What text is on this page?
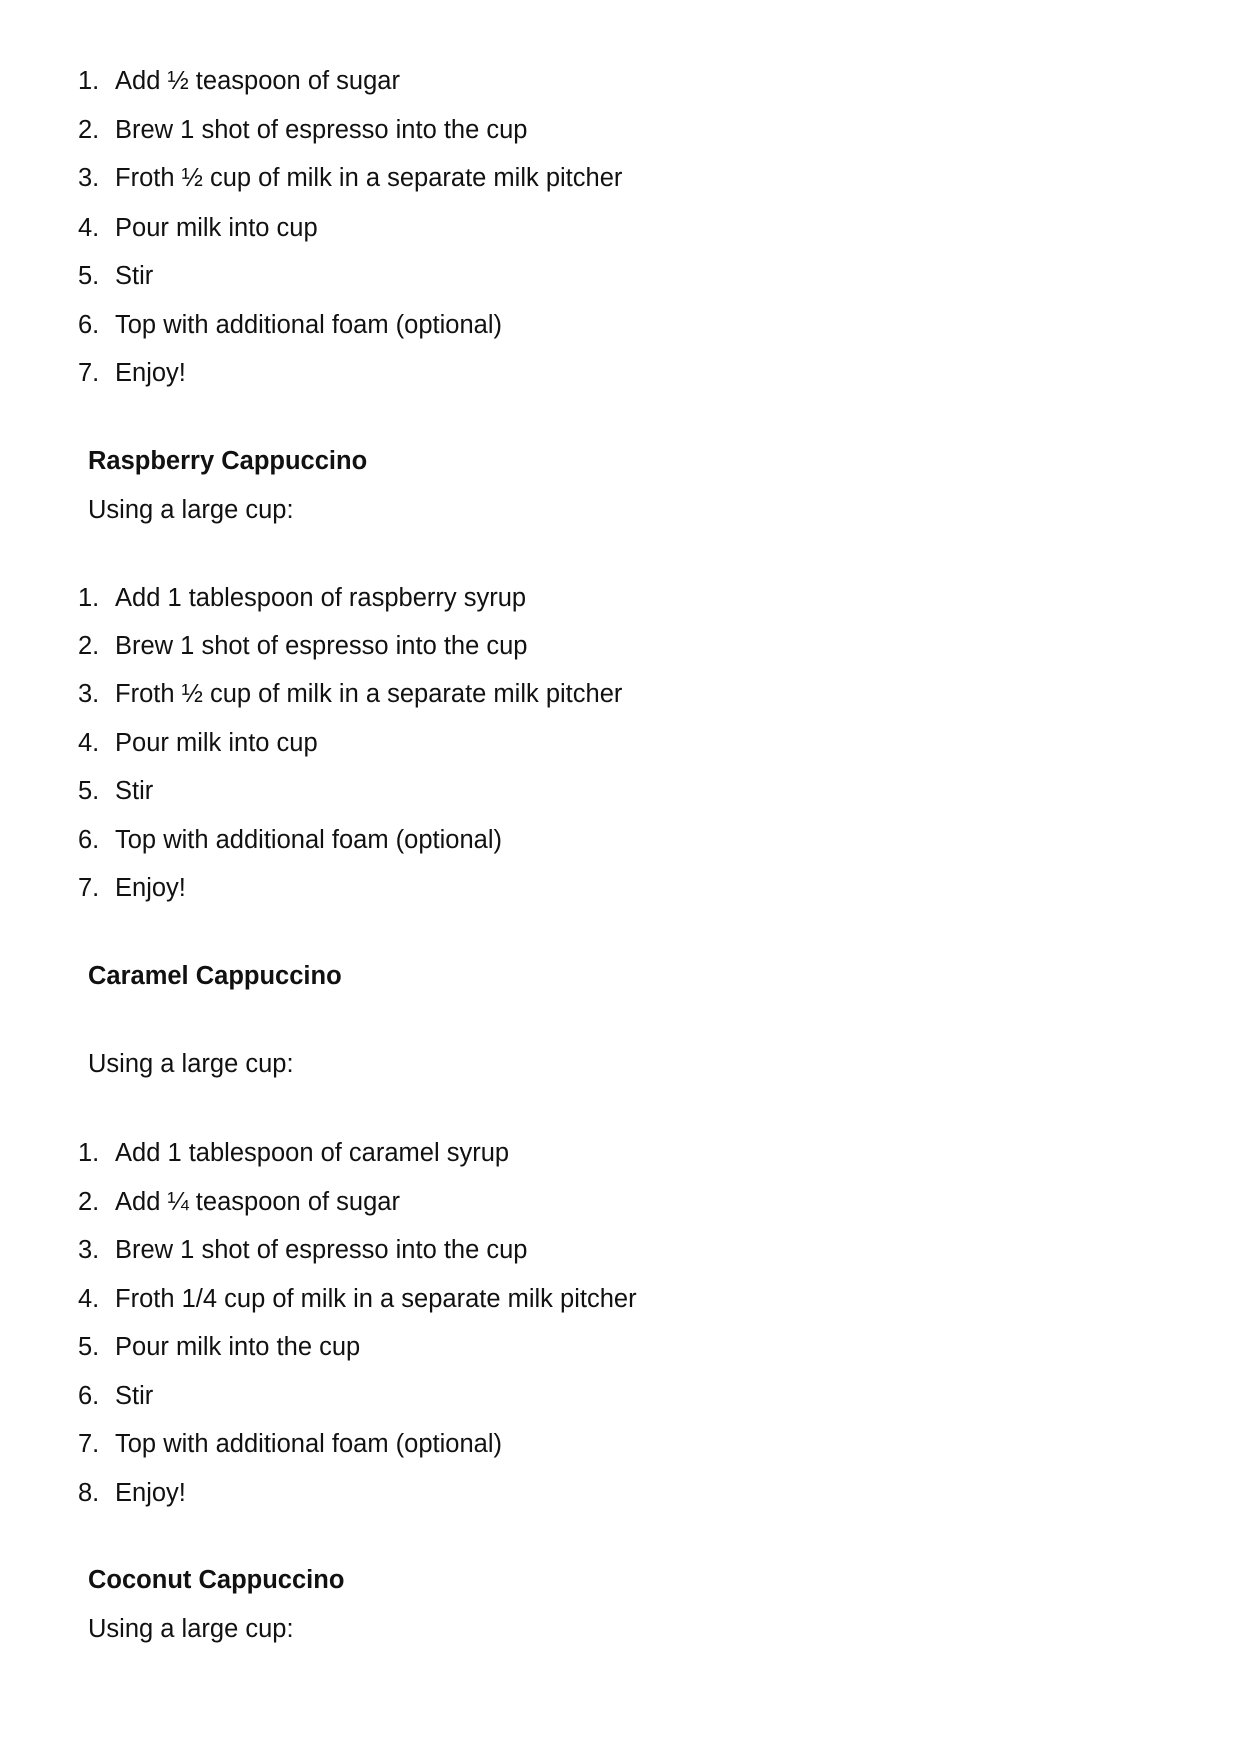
1. Add ½ teaspoon of sugar
2. Brew 1 shot of espresso into the cup
3. Froth ½ cup of milk in a separate milk pitcher
4. Pour milk into cup
5. Stir
6. Top with additional foam (optional)
7. Enjoy!
Raspberry Cappuccino
Using a large cup:
1. Add 1 tablespoon of raspberry syrup
2. Brew 1 shot of espresso into the cup
3. Froth ½ cup of milk in a separate milk pitcher
4. Pour milk into cup
5. Stir
6. Top with additional foam (optional)
7. Enjoy!
Caramel Cappuccino
Using a large cup:
1. Add 1 tablespoon of caramel syrup
2. Add ¼ teaspoon of sugar
3. Brew 1 shot of espresso into the cup
4. Froth 1/4 cup of milk in a separate milk pitcher
5. Pour milk into the cup
6. Stir
7. Top with additional foam (optional)
8. Enjoy!
Coconut Cappuccino
Using a large cup:
